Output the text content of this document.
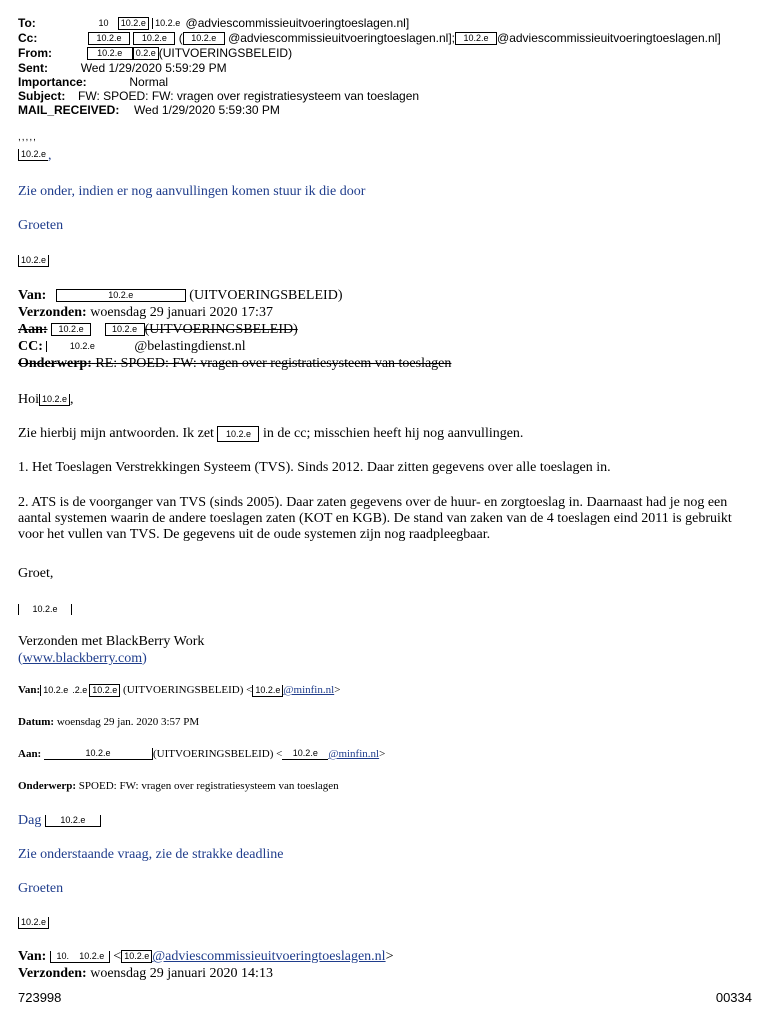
To:	10 10.2.e 10.2.e @adviescommissieuitvoeringtoeslagen.nl]
Cc:	10.2.e 10.2.e ( 10.2.e @adviescommissieuitvoeringtoeslagen.nl]; 10.2.e @adviescommissieuitvoeringtoeslagen.nl]
From:	10.2.e 0.2.e (UITVOERINGSBELEID)
Sent:	Wed 1/29/2020 5:59:29 PM
Importance:	Normal
Subject: FW: SPOED: FW: vragen over registratiesysteem van toeslagen
MAIL_RECEIVED: Wed 1/29/2020 5:59:30 PM
,,,,,
10.2.e ,
Zie onder, indien er nog aanvullingen komen stuur ik die door
Groeten
10.2.e
Van:	10.2.e	(UITVOERINGSBELEID)
Verzonden: woensdag 29 januari 2020 17:37
Aan: 10.2.e	10.2.e (UITVOERINGSBELEID)
CC:	10.2.e	@belastingdienst.nl
Onderwerp: RE: SPOED: FW: vragen over registratiesysteem van toeslagen
Hoi 10.2.e ,
Zie hierbij mijn antwoorden. Ik zet 10.2.e in de cc; misschien heeft hij nog aanvullingen.
1. Het Toeslagen Verstrekkingen Systeem (TVS). Sinds 2012. Daar zitten gegevens over alle toeslagen in.
2. ATS is de voorganger van TVS (sinds 2005). Daar zaten gegevens over de huur- en zorgtoeslag in. Daarnaast had je nog een aantal systemen waarin de andere toeslagen zaten (KOT en KGB). De stand van zaken van de 4 toeslagen eind 2011 is gebruikt voor het vullen van TVS. De gegevens uit de oude systemen zijn nog raadpleegbaar.
Groet,
10.2.e
Verzonden met BlackBerry Work
(www.blackberry.com)
Van: 10.2.e .2.e 10.2.e (UITVOERINGSBELEID) < 10.2.e @minfin.nl>
Datum: woensdag 29 jan. 2020 3:57 PM
Aan:	10.2.e	(UITVOERINGSBELEID) < 10.2.e @minfin.nl>
Onderwerp: SPOED: FW: vragen over registratiesysteem van toeslagen
Dag 10.2.e
Zie onderstaande vraag, zie de strakke deadline
Groeten
10.2.e
Van: 10. 10.2.e < 10.2.e @adviescommissieuitvoeringtoeslagen.nl>
Verzonden: woensdag 29 januari 2020 14:13
723998	00334
